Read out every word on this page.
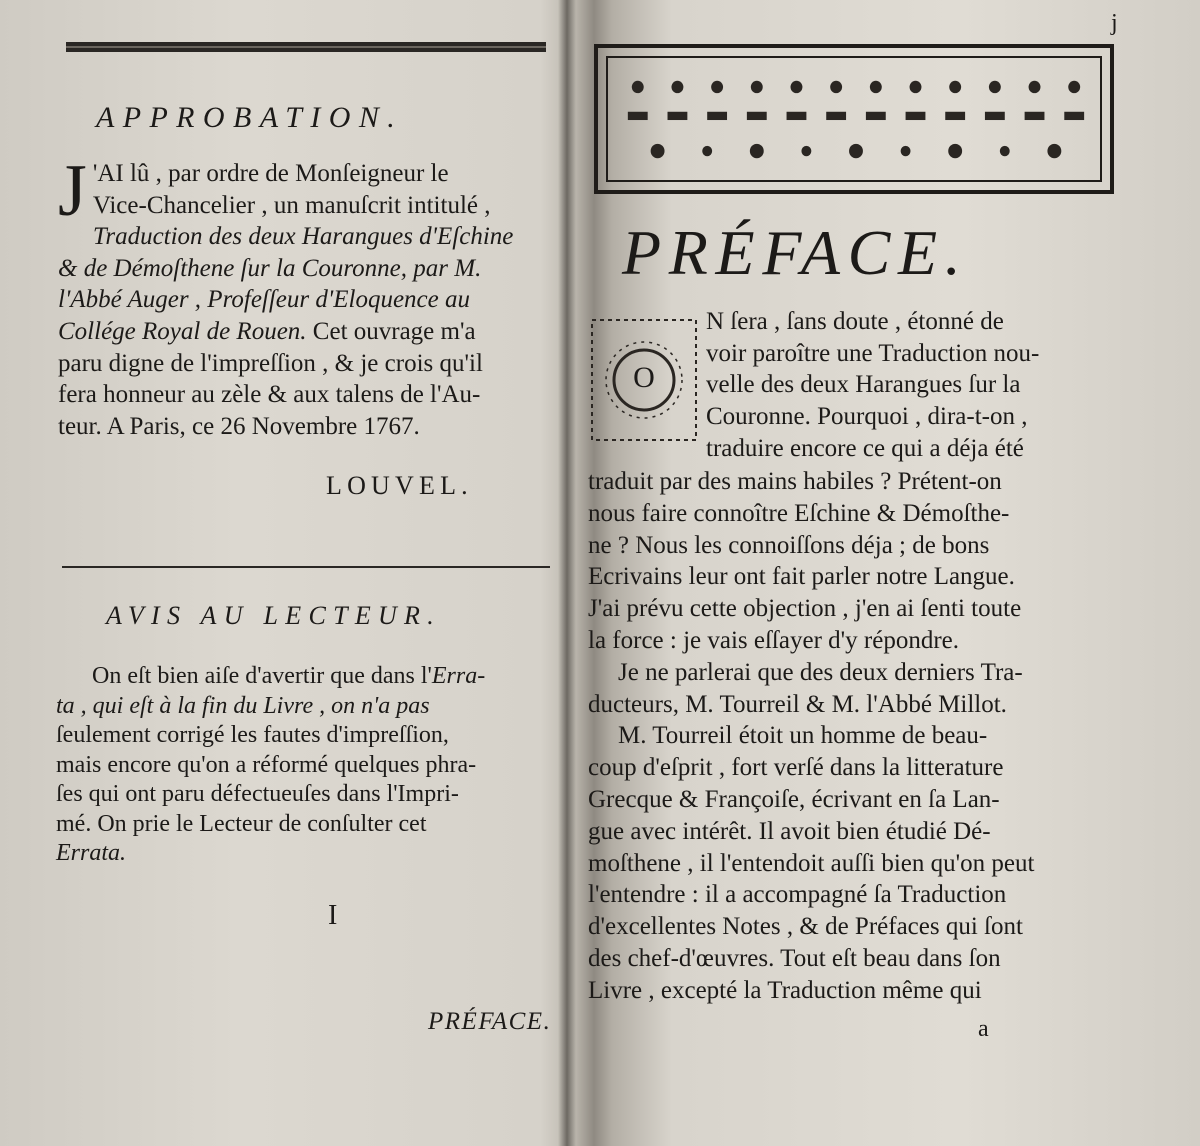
APPROBATION.
J 'AI lû , par ordre de Monſeigneur le

Vice-Chancelier , un manuſcrit intitulé ,

Traduction des deux Harangues d'Eſchine

& de Démoſthene ſur la Couronne, par M.

l'Abbé Auger , Profeſſeur d'Eloquence au

Collége Royal de Rouen. Cet ouvrage m'a

paru digne de l'impreſſion , & je crois qu'il

fera honneur au zèle & aux talens de l'Au-

teur. A Paris, ce 26 Novembre 1767.

LOUVEL.
AVIS AU LECTEUR.

On eſt bien aiſe d'avertir que dans l'Erra-

ta , qui eſt à la fin du Livre , on n'a pas

ſeulement corrigé les fautes d'impreſſion,

mais encore qu'on a réformé quelques phra-

ſes qui ont paru défectueuſes dans l'Impri-

mé. On prie le Lecteur de conſulter cet

Errata.

I
PRÉFACE.
j
PRÉFACE.
O

N ſera , ſans doute , étonné de

voir paroître une Traduction nou-

velle des deux Harangues ſur la

Couronne. Pourquoi , dira-t-on ,

traduire encore ce qui a déja été

traduit par des mains habiles ? Prétent-on

nous faire connoître Eſchine & Démoſthe-

ne ? Nous les connoiſſons déja ; de bons

Ecrivains leur ont fait parler notre Langue.

J'ai prévu cette objection , j'en ai ſenti toute

la force : je vais eſſayer d'y répondre.

Je ne parlerai que des deux derniers Tra-

ducteurs, M. Tourreil & M. l'Abbé Millot.

M. Tourreil étoit un homme de beau-

coup d'eſprit , fort verſé dans la litterature

Grecque & Françoiſe, écrivant en ſa Lan-

gue avec intérêt. Il avoit bien étudié Dé-

moſthene , il l'entendoit auſſi bien qu'on peut

l'entendre : il a accompagné ſa Traduction

d'excellentes Notes , & de Préfaces qui ſont

des chef-d'œuvres. Tout eſt beau dans ſon

Livre , excepté la Traduction même qui

a
